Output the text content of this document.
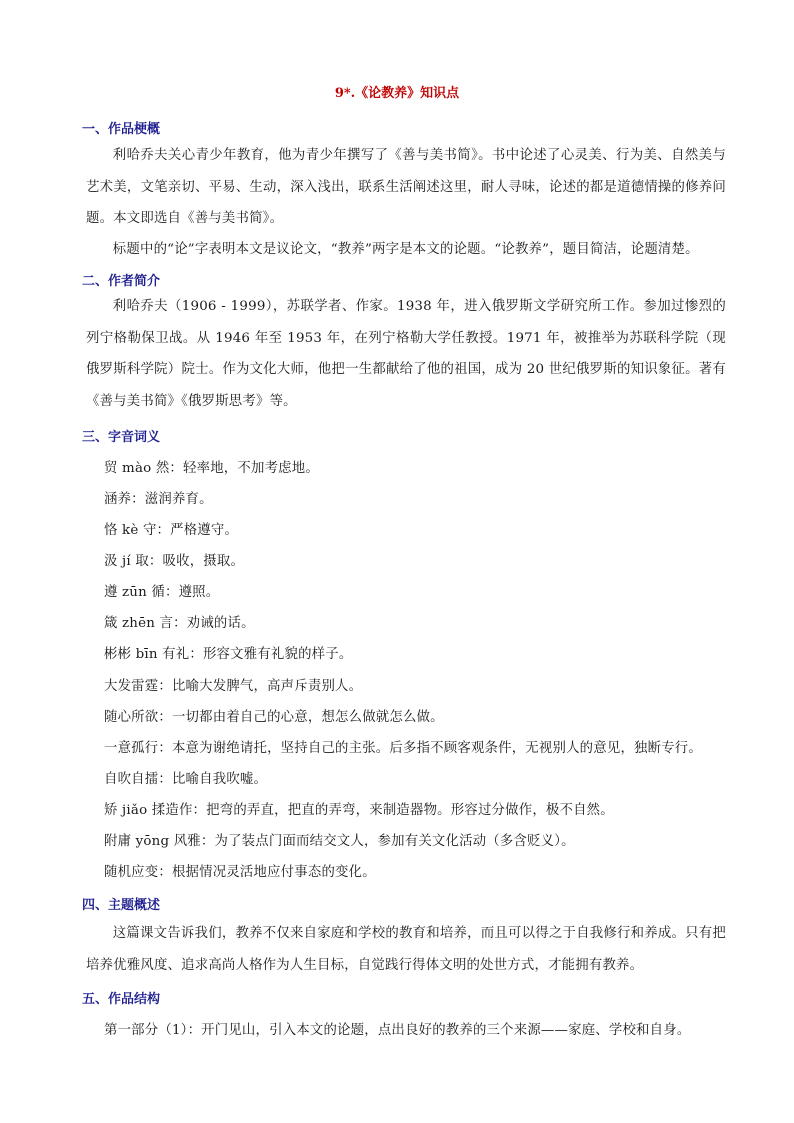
9*.《论教养》知识点
一、作品梗概
利哈乔夫关心青少年教育，他为青少年撰写了《善与美书简》。书中论述了心灵美、行为美、自然美与艺术美，文笔亲切、平易、生动，深入浅出，联系生活阐述这里，耐人寻味，论述的都是道德情操的修养问题。本文即选自《善与美书简》。
标题中的“论”字表明本文是议论文，“教养”两字是本文的论题。“论教养”，题目简洁，论题清楚。
二、作者简介
利哈乔夫（1906 - 1999），苏联学者、作家。1938 年，进入俄罗斯文学研究所工作。参加过惨烈的列宁格勒保卫战。从 1946 年至 1953 年，在列宁格勒大学任教授。1971 年，被推举为苏联科学院（现俄罗斯科学院）院士。作为文化大师，他把一生都献给了他的祖国，成为 20 世纪俄罗斯的知识象征。著有《善与美书简》《俄罗斯思考》等。
三、字音词义
贸 mào 然：轻率地，不加考虑地。
涵养：滋润养育。
恪 kè 守：严格遵守。
汲 jí 取：吸收，摄取。
遵 zūn 循：遵照。
箴 zhēn 言：劝诫的话。
彬彬 bīn 有礼：形容文雅有礼貌的样子。
大发雷霆：比喻大发脾气，高声斥责别人。
随心所欲：一切都由着自己的心意，想怎么做就怎么做。
一意孤行：本意为谢绝请托，坚持自己的主张。后多指不顾客观条件，无视别人的意见，独断专行。
自吹自擂：比喻自我吹嘘。
矫 jiǎo 揉造作：把弯的弄直，把直的弄弯，来制造器物。形容过分做作，极不自然。
附庸 yōng 风雅：为了装点门面而结交文人，参加有关文化活动（多含贬义）。
随机应变：根据情况灵活地应付事态的变化。
四、主题概述
这篇课文告诉我们，教养不仅来自家庭和学校的教育和培养，而且可以得之于自我修行和养成。只有把培养优雅风度、追求高尚人格作为人生目标，自觉践行得体文明的处世方式，才能拥有教养。
五、作品结构
第一部分（1）：开门见山，引入本文的论题，点出良好的教养的三个来源——家庭、学校和自身。
